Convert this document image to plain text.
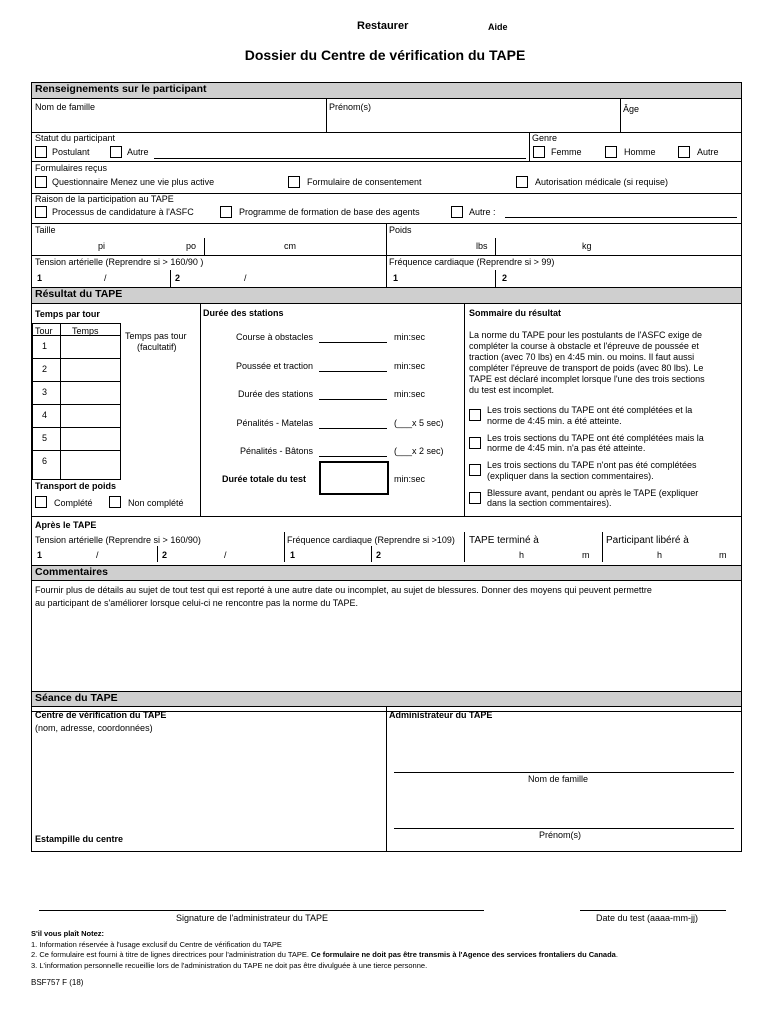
Restaurer	Aide
Dossier du Centre de vérification du TAPE
Renseignements sur le participant
Nom de famille	Prénom(s)	Âge
Statut du participant
Postulant	Autre
Genre
Femme	Homme	Autre
Formulaires reçus
Questionnaire Menez une vie plus active	Formulaire de consentement	Autorisation médicale (si requise)
Raison de la participation au TAPE
Processus de candidature à l'ASFC	Programme de formation de base des agents	Autre :
Taille
pi	po	cm
Poids
lbs	kg
Tension artérielle (Reprendre si > 160/90 )
1	/	2	/
Fréquence cardiaque (Reprendre si > 99)
1	2
Résultat du TAPE
Temps par tour	Durée des stations	Sommaire du résultat
1
2
3
4
5
6
Tour Temps	Temps pas tour
(facultatif)
Transport de poids
Complété	Non complété
Course à obstacles	min:sec
Poussée et traction	min:sec
Durée des stations	min:sec
Pénalités - Matelas	(___x 5 sec)
Pénalités - Bâtons	(___x 2 sec)
Durée totale du test	min:sec
La norme du TAPE pour les postulants de l'ASFC exige de
compléter la course à obstacle et l'épreuve de poussée et
traction (avec 70 lbs) en 4:45 min. ou moins. Il faut aussi
compléter l'épreuve de transport de poids (avec 80 lbs). Le
TAPE est déclaré incomplet lorsque l'une des trois sections
du test est incomplet.
Les trois sections du TAPE ont été complétées et la
norme de 4:45 min. a été atteinte.
Les trois sections du TAPE ont été complétées mais la
norme de 4:45 min. n'a pas été atteinte.
Les trois sections du TAPE n'ont pas été complétées
(expliquer dans la section commentaires).
Blessure avant, pendant ou après le TAPE (expliquer
dans la section commentaires).
Après le TAPE
Tension artérielle (Reprendre si > 160/90)
1	/	2	/
Fréquence cardiaque (Reprendre si >109)
1	2
TAPE terminé à
h	m
Participant libéré à
h	m
Commentaires
Fournir plus de détails au sujet de tout test qui est reporté à une autre date ou incomplet, au sujet de blessures. Donner des moyens qui peuvent permettre
au participant de s'améliorer lorsque celui-ci ne rencontre pas la norme du TAPE.
Séance du TAPE
Centre de vérification du TAPE
(nom, adresse, coordonnées)
Administrateur du TAPE
Nom de famille
Prénom(s)
Estampille du centre
Signature de l'administrateur du TAPE	Date du test (aaaa-mm-jj)
S'il vous plaît Notez:
1. Information réservée à l'usage exclusif du Centre de vérification du TAPE
2. Ce formulaire est fourni à titre de lignes directrices pour l'administration du TAPE. Ce formulaire ne doit pas être transmis à l'Agence des services frontaliers du Canada.
3. L'information personnelle recueillie lors de l'administration du TAPE ne doit pas être divulguée à une tierce personne.
BSF757 F (18)
